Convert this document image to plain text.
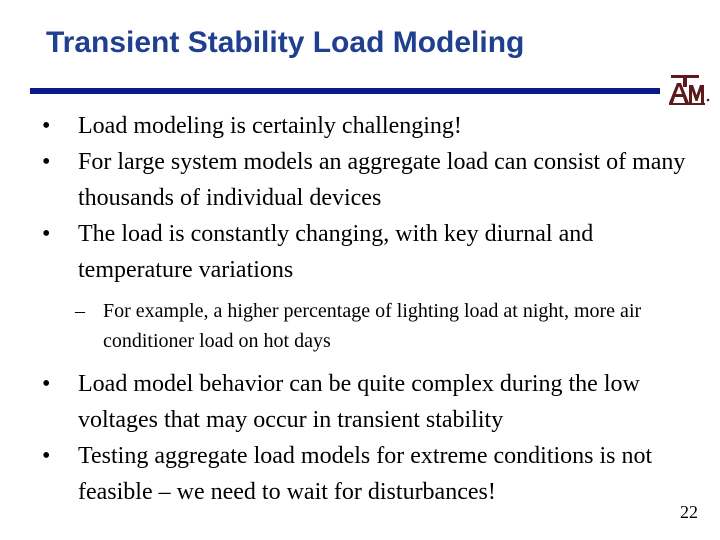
Transient Stability Load Modeling
• Load modeling is certainly challenging!
• For large system models an aggregate load can consist of many thousands of individual devices
• The load is constantly changing, with key diurnal and temperature variations
– For example, a higher percentage of lighting load at night, more air conditioner load on hot days
• Load model behavior can be quite complex during the low voltages that may occur in transient stability
• Testing aggregate load models for extreme conditions is not feasible – we need to wait for disturbances!
22
